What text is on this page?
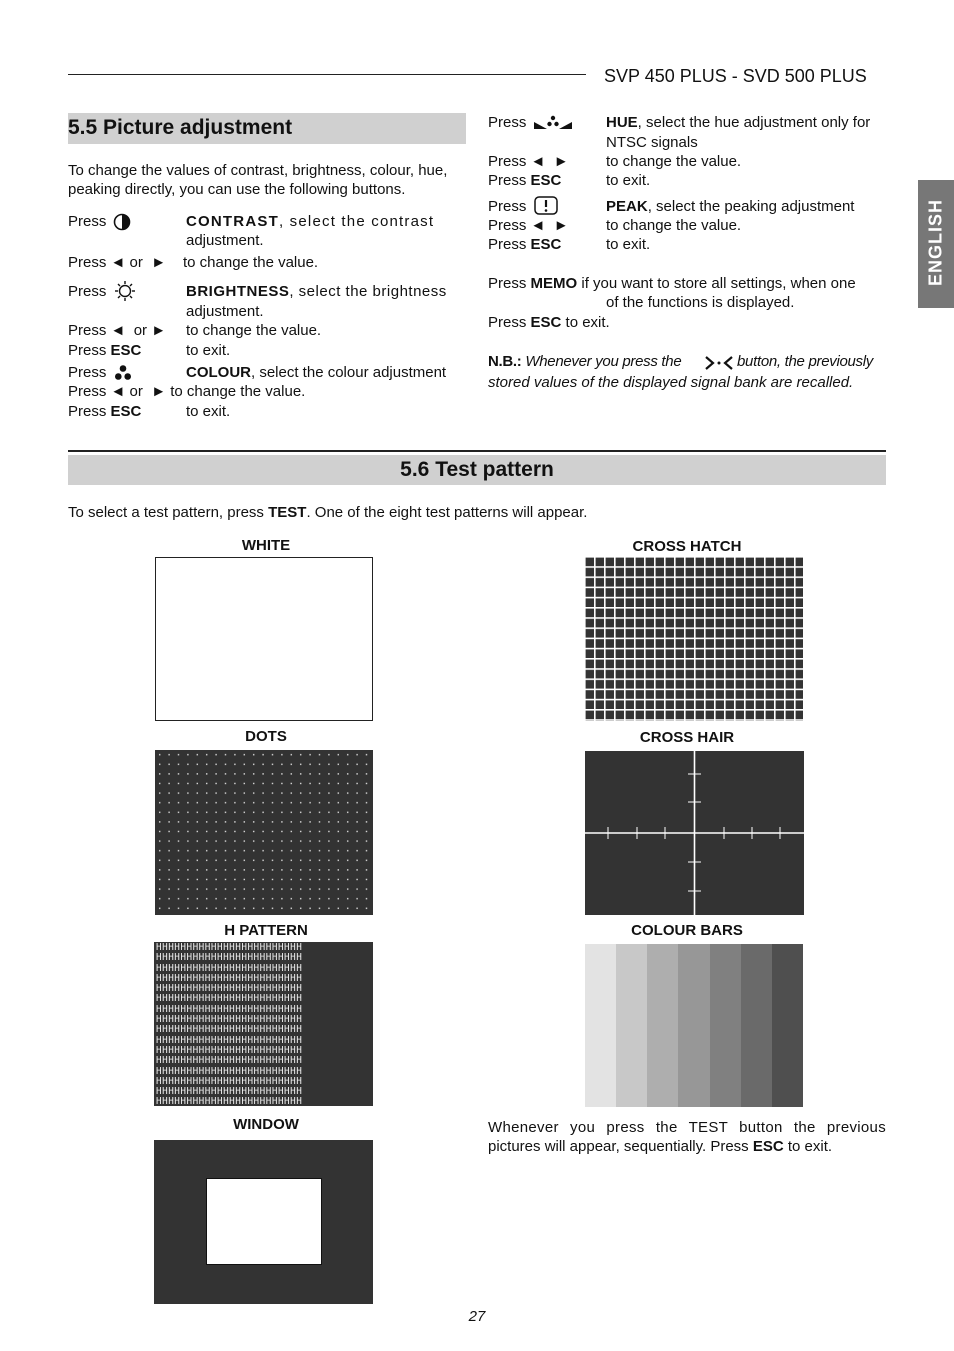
SVP 450 PLUS - SVD 500 PLUS
ENGLISH
5.5 Picture adjustment
To change the values of contrast, brightness, colour, hue, peaking directly, you can use the following buttons.
Press	CONTRAST, select the contrast
adjustment.
Press ◄ or  ► to change the value.
Press	BRIGHTNESS, select the brightness
adjustment.
Press ◄  or ► to change the value.
Press ESC	to exit.
Press	COLOUR, select the colour adjustment
Press ◄ or  ► to change the value.
Press ESC	to exit.
Press	HUE, select the hue adjustment only for
NTSC signals
Press ◄  ► to change the value.
Press ESC	to exit.
Press	PEAK, select the peaking adjustment
Press ◄  ► to change the value.
Press ESC	to exit.
Press MEMO if you want to store all settings, when one
of the functions is displayed.
Press ESC to exit.
N.B.: Whenever you press the	button, the previously
stored values of the displayed signal bank are recalled.
5.6 Test pattern
To select a test pattern, press TEST. One of the eight test patterns will appear.
WHITE	CROSS HATCH
DOTS	CROSS HAIR
H PATTERN	COLOUR BARS
WINDOW
HHHHHHHHHHHHHHHHHHHHHHHH
HHHHHHHHHHHHHHHHHHHHHHHH
HHHHHHHHHHHHHHHHHHHHHHHH
HHHHHHHHHHHHHHHHHHHHHHHH
HHHHHHHHHHHHHHHHHHHHHHHH
HHHHHHHHHHHHHHHHHHHHHHHH
HHHHHHHHHHHHHHHHHHHHHHHH
HHHHHHHHHHHHHHHHHHHHHHHH
HHHHHHHHHHHHHHHHHHHHHHHH
HHHHHHHHHHHHHHHHHHHHHHHH
HHHHHHHHHHHHHHHHHHHHHHHH
HHHHHHHHHHHHHHHHHHHHHHHH
HHHHHHHHHHHHHHHHHHHHHHHH
HHHHHHHHHHHHHHHHHHHHHHHH
HHHHHHHHHHHHHHHHHHHHHHHH
HHHHHHHHHHHHHHHHHHHHHHHH
Whenever you press the TEST button the previous
pictures will appear, sequentially. Press ESC to exit.
27
